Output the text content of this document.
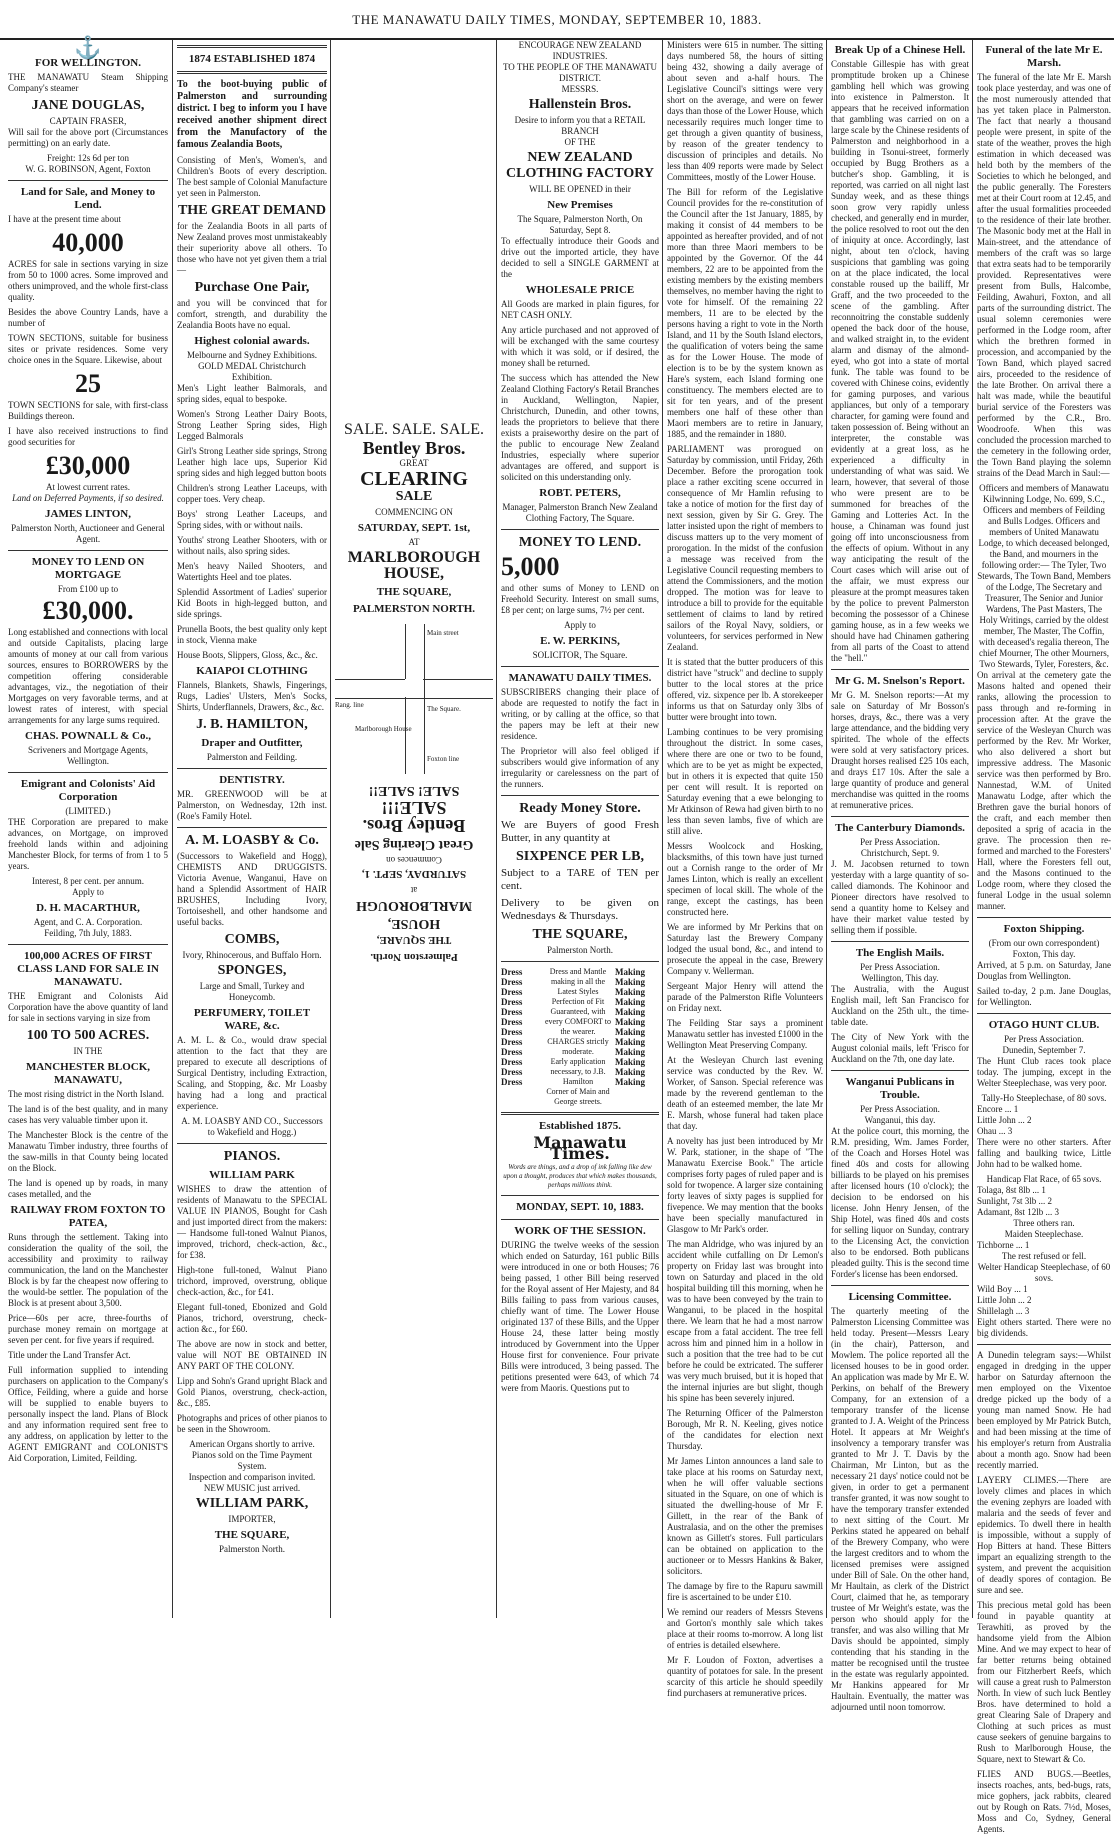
THE MANAWATU DAILY TIMES, MONDAY, SEPTEMBER 10, 1883.
⚓
FOR WELLINGTON.
THE MANAWATU Steam Shipping Company's steamer
JANE DOUGLAS,
CAPTAIN FRASER,
Will sail for the above port (Circumstances permitting) on an early date.
Freight: 12s 6d per ton
W. G. ROBINSON, Agent, Foxton
Land for Sale, and Money to Lend.
I have at the present time about
40,000
ACRES for sale in sections varying in size from 50 to 1000 acres. Some improved and others unimproved, and the whole first-class quality.
Besides the above Country Lands, have a number of
TOWN SECTIONS, suitable for business sites or private residences. Some very choice ones in the Square. Likewise, about
25
TOWN SECTIONS for sale, with first-class Buildings thereon.
I have also received instructions to find good securities for
£30,000
At lowest current rates.
Land on Deferred Payments, if so desired.
JAMES LINTON,
Palmerston North, Auctioneer and General Agent.
MONEY TO LEND ON MORTGAGE
From £100 up to
£30,000.
Long established and connections with local and outside Capitalists, placing large amounts of money at our call from various sources, ensures to BORROWERS by the competition offering considerable advantages, viz., the negotiation of their Mortgages on very favorable terms, and at lowest rates of interest, with special arrangements for any large sums required.
CHAS. POWNALL & Co.,
Scriveners and Mortgage Agents, Wellington.
Emigrant and Colonists' Aid Corporation
(LIMITED.)
THE Corporation are prepared to make advances, on Mortgage, on improved freehold lands within and adjoining Manchester Block, for terms of from 1 to 5 years.
Interest, 8 per cent. per annum.
Apply to
D. H. MACARTHUR,
Agent, and C. A. Corporation.
Feilding, 7th July, 1883.
100,000 ACRES OF FIRST CLASS LAND FOR SALE IN MANAWATU.
THE Emigrant and Colonists Aid Corporation have the above quantity of land for sale in sections varying in size from
100 TO 500 ACRES.
IN THE
MANCHESTER BLOCK, MANAWATU,
The most rising district in the North Island.
The land is of the best quality, and in many cases has very valuable timber upon it.
The Manchester Block is the centre of the Manawatu Timber industry, three fourths of the saw-mills in that County being located on the Block.
The land is opened up by roads, in many cases metalled, and the
RAILWAY FROM FOXTON TO PATEA,
Runs through the settlement. Taking into consideration the quality of the soil, the accessibility and proximity to railway communication, the land on the Manchester Block is by far the cheapest now offering to the would-be settler. The population of the Block is at present about 3,500.
Price—60s per acre, three-fourths of purchase money remain on mortgage at seven per cent. for five years if required.
Title under the Land Transfer Act.
Full information supplied to intending purchasers on application to the Company's Office, Feilding, where a guide and horse will be supplied to enable buyers to personally inspect the land. Plans of Block and any information required sent free to any address, on application by letter to the AGENT EMIGRANT and COLONIST'S Aid Corporation, Limited, Feilding.
1874 ESTABLISHED 1874
To the boot-buying public of Palmerston and surrounding district. I beg to inform you I have received another shipment direct from the Manufactory of the famous Zealandia Boots,
Consisting of Men's, Women's, and Children's Boots of every description. The best sample of Colonial Manufacture yet seen in Palmerston.
THE GREAT DEMAND
for the Zealandia Boots in all parts of New Zealand proves most unmistakeably their superiority above all others. To those who have not yet given them a trial—
Purchase One Pair,
and you will be convinced that for comfort, strength, and durability the Zealandia Boots have no equal.
Highest colonial awards.
Melbourne and Sydney Exhibitions.
GOLD MEDAL Christchurch Exhibition.
Men's Light leather Balmorals, and spring sides, equal to bespoke.
Women's Strong Leather Dairy Boots, Strong Leather Spring sides, High Legged Balmorals
Girl's Strong Leather side springs, Strong Leather high lace ups, Superior Kid spring sides and high legged button boots
Children's strong Leather Laceups, with copper toes. Very cheap.
Boys' strong Leather Laceups, and Spring sides, with or without nails.
Youths' strong Leather Shooters, with or without nails, also spring sides.
Men's heavy Nailed Shooters, and Watertights Heel and toe plates.
Splendid Assortment of Ladies' superior Kid Boots in high-legged button, and side springs.
Prunella Boots, the best quality only kept in stock, Vienna make
House Boots, Slippers, Gloss, &c., &c.
KAIAPOI CLOTHING
Flannels, Blankets, Shawls, Fingerings, Rugs, Ladies' Ulsters, Men's Socks, Shirts, Underflannels, Drawers, &c., &c.
J. B. HAMILTON,
Draper and Outfitter,
Palmerston and Feilding.
DENTISTRY.
MR. GREENWOOD will be at Palmerston, on Wednesday, 12th inst. (Roe's Family Hotel.
A. M. LOASBY & Co.
(Successors to Wakefield and Hogg), CHEMISTS AND DRUGGISTS. Victoria Avenue, Wanganui, Have on hand a Splendid Assortment of HAIR BRUSHES, Including Ivory, Tortoiseshell, and other handsome and useful backs.
COMBS,
Ivory, Rhinocerous, and Buffalo Horn.
SPONGES,
Large and Small, Turkey and Honeycomb.
PERFUMERY, TOILET WARE, &c.
A. M. L. & Co., would draw special attention to the fact that they are prepared to execute all descriptions of Surgical Dentistry, including Extraction, Scaling, and Stopping, &c. Mr Loasby having had a long and practical experience.
A. M. LOASBY AND CO., Successors to Wakefield and Hogg.)
PIANOS.
WILLIAM PARK
WISHES to draw the attention of residents of Manawatu to the SPECIAL VALUE IN PIANOS, Bought for Cash and just imported direct from the makers: — Handsome full-toned Walnut Pianos, improved, trichord, check-action, &c., for £38.
High-tone full-toned, Walnut Piano trichord, improved, overstrung, oblique check-action, &c., for £41.
Elegant full-toned, Ebonized and Gold Pianos, trichord, overstrung, check-action &c., for £60.
The above are now in stock and better, value will NOT BE OBTAINED IN ANY PART OF THE COLONY.
Lipp and Sohn's Grand upright Black and Gold Pianos, overstrung, check-action, &c., £85.
Photographs and prices of other pianos to be seen in the Showroom.
American Organs shortly to arrive.
Pianos sold on the Time Payment System.
Inspection and comparison invited.
NEW MUSIC just arrived.
WILLIAM PARK,
IMPORTER,
THE SQUARE,
Palmerston North.
SALE. SALE. SALE.
Bentley Bros.
GREAT
CLEARING
SALE
COMMENCING ON
SATURDAY, SEPT. 1st,
AT
MARLBOROUGH HOUSE,
THE SQUARE,
PALMERSTON NORTH.
Main street
The Square.
Rang. line
Foxton line
Marlborough House
Palmerston North.
THE SQUARE,
HOUSE,
MARLBOROUGH
at
SATURDAY, SEPT. 1,
Commences on
Great Clearing Sale
Bentley Bros.
SALE!!!
SALE! SALE!!
ENCOURAGE NEW ZEALAND INDUSTRIES.
TO THE PEOPLE OF THE MANAWATU DISTRICT.
MESSRS.
Hallenstein Bros.
Desire to inform you that a RETAIL BRANCH
OF THE
NEW ZEALAND CLOTHING FACTORY
WILL BE OPENED in their
New Premises
The Square, Palmerston North, On Saturday, Sept 8.
To effectually introduce their Goods and drive out the imported article, they have decided to sell a SINGLE GARMENT at the
WHOLESALE PRICE
All Goods are marked in plain figures, for NET CASH ONLY.
Any article purchased and not approved of will be exchanged with the same courtesy with which it was sold, or if desired, the money shall be returned.
The success which has attended the New Zealand Clothing Factory's Retail Branches in Auckland, Wellington, Napier, Christchurch, Dunedin, and other towns, leads the proprietors to believe that there exists a praiseworthy desire on the part of the public to encourage New Zealand Industries, especially where superior advantages are offered, and support is solicited on this understanding only.
ROBT. PETERS,
Manager, Palmerston Branch New Zealand Clothing Factory, The Square.
MONEY TO LEND.
5,000
and other sums of Money to LEND on Freehold Security. Interest on small sums, £8 per cent; on large sums, 7½ per cent.
Apply to
E. W. PERKINS,
SOLICITOR, The Square.
MANAWATU DAILY TIMES.
SUBSCRIBERS changing their place of abode are requested to notify the fact in writing, or by calling at the office, so that the papers may be left at their new residence.
The Proprietor will also feel obliged if subscribers would give information of any irregularity or carelessness on the part of the runners.
Ready Money Store.
We are Buyers of good Fresh Butter, in any quantity at
SIXPENCE PER LB,
Subject to a TARE of TEN per cent.
Delivery to be given on Wednesdays & Thursdays.
THE SQUARE,
Palmerston North.
Dress
Dress
Dress
Dress
Dress
Dress
Dress
Dress
Dress
Dress
Dress
Dress
Dress and Mantle making in all the Latest Styles
Perfection of Fit Guaranteed, with every COMFORT to the wearer.
CHARGES strictly moderate.
Early application necessary, to J.B. Hamilton
Corner of Main and George streets.
Making
Making
Making
Making
Making
Making
Making
Making
Making
Making
Making
Making
Established 1875.
Manawatu Times.
Words are things, and a drop of ink falling like dew upon a thought, produces that which makes thousands, perhaps millions think.
MONDAY, SEPT. 10, 1883.
WORK OF THE SESSION.
DURING the twelve weeks of the session which ended on Saturday, 161 public Bills were introduced in one or both Houses; 76 being passed, 1 other Bill being reserved for the Royal assent of Her Majesty, and 84 Bills failing to pass from various causes, chiefly want of time. The Lower House originated 137 of these Bills, and the Upper House 24, these latter being mostly introduced by Government into the Upper House first for convenience. Four private Bills were introduced, 3 being passed. The petitions presented were 643, of which 74 were from Maoris. Questions put to
Ministers were 615 in number. The sitting days numbered 58, the hours of sitting being 432, showing a daily average of about seven and a-half hours. The Legislative Council's sittings were very short on the average, and were on fewer days than those of the Lower House, which necessarily requires much longer time to get through a given quantity of business, by reason of the greater tendency to discussion of principles and details. No less than 409 reports were made by Select Committees, mostly of the Lower House.
The Bill for reform of the Legislative Council provides for the re-constitution of the Council after the 1st January, 1885, by making it consist of 44 members to be appointed as hereafter provided, and of not more than three Maori members to be appointed by the Governor. Of the 44 members, 22 are to be appointed from the existing members by the existing members themselves, no member having the right to vote for himself. Of the remaining 22 members, 11 are to be elected by the persons having a right to vote in the North Island, and 11 by the South Island electors, the qualification of voters being the same as for the Lower House. The mode of election is to be by the system known as Hare's system, each Island forming one constituency. The members elected are to sit for ten years, and of the present members one half of these other than Maori members are to retire in January, 1885, and the remainder in 1880.
PARLIAMENT was prorogued on Saturday by commission, until Friday, 26th December. Before the prorogation took place a rather exciting scene occurred in consequence of Mr Hamlin refusing to take a notice of motion for the first day of next session, given by Sir G. Grey. The latter insisted upon the right of members to discuss matters up to the very moment of prorogation. In the midst of the confusion a message was received from the Legislative Council requesting members to attend the Commissioners, and the motion dropped. The motion was for leave to introduce a bill to provide for the equitable settlement of claims to land by retired sailors of the Royal Navy, soldiers, or volunteers, for services performed in New Zealand.
It is stated that the butter producers of this district have "struck" and decline to supply butter to the local stores at the price offered, viz. sixpence per lb. A storekeeper informs us that on Saturday only 3lbs of butter were brought into town.
Lambing continues to be very promising throughout the district. In some cases, where there are one or two to be found, which are to be yet as might be expected, but in others it is expected that quite 150 per cent will result. It is reported on Saturday evening that a ewe belonging to Mr Atkinson of Rewa had given birth to no less than seven lambs, five of which are still alive.
Messrs Woolcock and Hosking, blacksmiths, of this town have just turned out a Cornish range to the order of Mr James Linton, which is really an excellent specimen of local skill. The whole of the range, except the castings, has been constructed here.
We are informed by Mr Perkins that on Saturday last the Brewery Company lodged the usual bond, &c., and intend to prosecute the appeal in the case, Brewery Company v. Wellerman.
Sergeant Major Henry will attend the parade of the Palmerston Rifle Volunteers on Friday next.
The Feilding Star says a prominent Manawatu settler has invested £1000 in the Wellington Meat Preserving Company.
At the Wesleyan Church last evening service was conducted by the Rev. W. Worker, of Sanson. Special reference was made by the reverend gentleman to the death of an esteemed member, the late Mr E. Marsh, whose funeral had taken place that day.
A novelty has just been introduced by Mr W. Park, stationer, in the shape of "The Manawatu Exercise Book." The article comprises forty pages of ruled paper and is sold for twopence. A larger size containing forty leaves of sixty pages is supplied for fivepence. We may mention that the books have been specially manufactured in Glasgow to Mr Park's order.
The man Aldridge, who was injured by an accident while cutfalling on Dr Lemon's property on Friday last was brought into town on Saturday and placed in the old hospital building till this morning, when he was to have been conveyed by the train to Wanganui, to be placed in the hospital there. We learn that he had a most narrow escape from a fatal accident. The tree fell across him and pinned him in a hollow in such a position that the tree had to be cut before he could be extricated. The sufferer was very much bruised, but it is hoped that the internal injuries are but slight, though his spine has been severely injured.
The Returning Officer of the Palmerston Borough, Mr R. N. Keeling, gives notice of the candidates for election next Thursday.
Mr James Linton announces a land sale to take place at his rooms on Saturday next, when he will offer valuable sections situated in the Square, on one of which is situated the dwelling-house of Mr F. Gillett, in the rear of the Bank of Australasia, and on the other the premises known as Gillett's stores. Full particulars can be obtained on application to the auctioneer or to Messrs Hankins & Baker, solicitors.
The damage by fire to the Rapuru sawmill fire is ascertained to be under £10.
We remind our readers of Messrs Stevens and Gorton's monthly sale which takes place at their rooms to-morrow. A long list of entries is detailed elsewhere.
Mr F. Loudon of Foxton, advertises a quantity of potatoes for sale. In the present scarcity of this article he should speedily find purchasers at remunerative prices.
Break Up of a Chinese Hell.
Constable Gillespie has with great promptitude broken up a Chinese gambling hell which was growing into existence in Palmerston. It appears that he received information that gambling was carried on on a large scale by the Chinese residents of Palmerston and neighborhood in a building in Tsonui-street, formerly occupied by Bugg Brothers as a butcher's shop. Gambling, it is reported, was carried on all night last Sunday week, and as these things soon grow very rapidly unless checked, and generally end in murder, the police resolved to root out the den of iniquity at once. Accordingly, last night, about ten o'clock, having suspicions that gambling was going on at the place indicated, the local constable roused up the bailiff, Mr Graff, and the two proceeded to the scene of the gambling. After reconnoitring the constable suddenly opened the back door of the house, and walked straight in, to the evident alarm and dismay of the almond-eyed, who got into a state of mortal funk. The table was found to be covered with Chinese coins, evidently for gaming purposes, and various appliances, but only of a temporary character, for gaming were found and taken possession of. Being without an interpreter, the constable was evidently at a great loss, as he experienced a difficulty in understanding of what was said. We learn, however, that several of those who were present are to be summoned for breaches of the Gaming and Lotteries Act. In the house, a Chinaman was found just going off into unconsciousness from the effects of opium. Without in any way anticipating the result of the Court cases which will arise out of the affair, we must express our pleasure at the prompt measures taken by the police to prevent Palmerston becoming the possessor of a Chinese gaming house, as in a few weeks we should have had Chinamen gathering from all parts of the Coast to attend the "hell."
Mr G. M. Snelson's Report.
Mr G. M. Snelson reports:—At my sale on Saturday of Mr Bosson's horses, drays, &c., there was a very large attendance, and the bidding very spirited. The whole of the effects were sold at very satisfactory prices. Draught horses realised £25 10s each, and drays £17 10s. After the sale a large quantity of produce and general merchandise was quitted in the rooms at remunerative prices.
The Canterbury Diamonds.
Per Press Association.
Christchurch, Sept. 9.
J. M. Jacobsen returned to town yesterday with a large quantity of so-called diamonds. The Kohinoor and Pioneer directors have resolved to send a quantity home to Kelsey and have their market value tested by selling them if possible.
The English Mails.
Per Press Association.
Wellington, This day.
The Australia, with the August English mail, left San Francisco for Auckland on the 25th ult., the time-table date.
The City of New York with the August colonial mails, left 'Frisco for Auckland on the 7th, one day late.
Wanganui Publicans in Trouble.
Per Press Association.
Wanganui, this day.
At the police court, this morning, the R.M. presiding, Wm. James Forder, of the Coach and Horses Hotel was fined 40s and costs for allowing billiards to be played on his premises after licensed hours (10 o'clock); the decision to be endorsed on his license. John Henry Jensen, of the Ship Hotel, was fined 40s and costs for selling liquor on Sunday, contrary to the Licensing Act, the conviction also to be endorsed. Both publicans pleaded guilty. This is the second time Forder's license has been endorsed.
Licensing Committee.
The quarterly meeting of the Palmerston Licensing Committee was held today. Present—Messrs Leary (in the chair), Patterson, and Mowlem. The police reported all the licensed houses to be in good order. An application was made by Mr E. W. Perkins, on behalf of the Brewery Company, for an extension of a temporary transfer of the license granted to J. A. Weight of the Princess Hotel. It appears at Mr Weight's insolvency a temporary transfer was granted to Mr J. T. Davis by the Chairman, Mr Linton, but as the necessary 21 days' notice could not be given, in order to get a permanent transfer granted, it was now sought to have the temporary transfer extended to next sitting of the Court. Mr Perkins stated he appeared on behalf of the Brewery Company, who were the largest creditors and to whom the licensed premises were assigned under Bill of Sale. On the other hand, Mr Haultain, as clerk of the District Court, claimed that he, as temporary trustee of Mr Weight's estate, was the person who should apply for the transfer, and was also willing that Mr Davis should be appointed, simply contending that his standing in the matter be recognised until the trustee in the estate was regularly appointed. Mr Hankins appeared for Mr Haultain. Eventually, the matter was adjourned until noon tomorrow.
Funeral of the late Mr E. Marsh.
The funeral of the late Mr E. Marsh took place yesterday, and was one of the most numerously attended that has yet taken place in Palmerston. The fact that nearly a thousand people were present, in spite of the state of the weather, proves the high estimation in which deceased was held both by the members of the Societies to which he belonged, and the public generally. The Foresters met at their Court room at 12.45, and after the usual formalities proceeded to the residence of their late brother. The Masonic body met at the Hall in Main-street, and the attendance of members of the craft was so large that extra seats had to be temporarily provided. Representatives were present from Bulls, Halcombe, Feilding, Awahuri, Foxton, and all parts of the surrounding district. The usual solemn ceremonies were performed in the Lodge room, after which the brethren formed in procession, and accompanied by the Town Band, which played sacred airs, proceeded to the residence of the late Brother. On arrival there a halt was made, while the beautiful burial service of the Foresters was performed by the C.R., Bro. Woodroofe. When this was concluded the procession marched to the cemetery in the following order, the Town Band playing the solemn strains of the Dead March in Saul:—
Officers and members of Manawatu Kilwinning Lodge, No. 699, S.C., Officers and members of Feilding and Bulls Lodges. Officers and members of United Manawatu Lodge, to which deceased belonged, the Band, and mourners in the following order:— The Tyler, Two Stewards, The Town Band, Members of the Lodge, The Secretary and Treasurer, The Senior and Junior Wardens, The Past Masters, The Holy Writings, carried by the oldest member, The Master, The Coffin, with deceased's regalia thereon, The chief Mourner, The other Mourners, Two Stewards, Tyler, Foresters, &c.
On arrival at the cemetery gate the Masons halted and opened their ranks, allowing the procession to pass through and re-forming in procession after. At the grave the service of the Wesleyan Church was performed by the Rev. Mr Worker, who also delivered a short but impressive address. The Masonic service was then performed by Bro. Nannestad, W.M. of United Manawatu Lodge, after which the Brethren gave the burial honors of the craft, and each member then deposited a sprig of acacia in the grave. The procession then re-formed and marched to the Foresters' Hall, where the Foresters fell out, and the Masons continued to the Lodge room, where they closed the funeral Lodge in the usual solemn manner.
Foxton Shipping.
(From our own correspondent)
Foxton, This day.
Arrived, at 5 p.m. on Saturday, Jane Douglas from Wellington.
Sailed to-day, 2 p.m. Jane Douglas, for Wellington.
OTAGO HUNT CLUB.
Per Press Association.
Dunedin, September 7.
The Hunt Club races took place today. The jumping, except in the Welter Steeplechase, was very poor.
Tally-Ho Steeplechase, of 80 sovs.
Encore ... 1
Little John ... 2
Ohau ... 3
There were no other starters. After falling and baulking twice, Little John had to be walked home.
Handicap Flat Race, of 65 sovs.
Tolaga, 8st 8lb ... 1
Sunlight, 7st 3lb ... 2
Adamant, 8st 12lb ... 3
Three others ran.
Maiden Steeplechase.
Tichborne ... 1
The rest refused or fell.
Welter Handicap Steeplechase, of 60 sovs.
Wild Boy ... 1
Little John ... 2
Shillelagh ... 3
Eight others started. There were no big dividends.
A Dunedin telegram says:—Whilst engaged in dredging in the upper harbor on Saturday afternoon the men employed on the Vixentoe dredge picked up the body of a young man named Snow. He had been employed by Mr Patrick Butch, and had been missing at the time of his employer's return from Australia about a month ago. Snow had been recently married.
LAYERY CLIMES.—There are lovely climes and places in which the evening zephyrs are loaded with malaria and the seeds of fever and epidemics. To dwell there in health is impossible, without a supply of Hop Bitters at hand. These Bitters impart an equalizing strength to the system, and prevent the acquisition of deadly spores of contagion. Be sure and see.
This precious metal gold has been found in payable quantity at Terawhiti, as proved by the handsome yield from the Albion Mine. And we may expect to hear of far better returns being obtained from our Fitzherbert Reefs, which will cause a great rush to Palmerston North. In view of such luck Bentley Bros. have determined to hold a great Clearing Sale of Drapery and Clothing at such prices as must cause seekers of genuine bargains to Rush to Marlborough House, the Square, next to Stewart & Co.
FLIES AND BUGS.—Beetles, insects roaches, ants, bed-bugs, rats, mice gophers, jack rabbits, cleared out by Rough on Rats. 7½d, Moses, Moss and Co, Sydney, General Agents.
